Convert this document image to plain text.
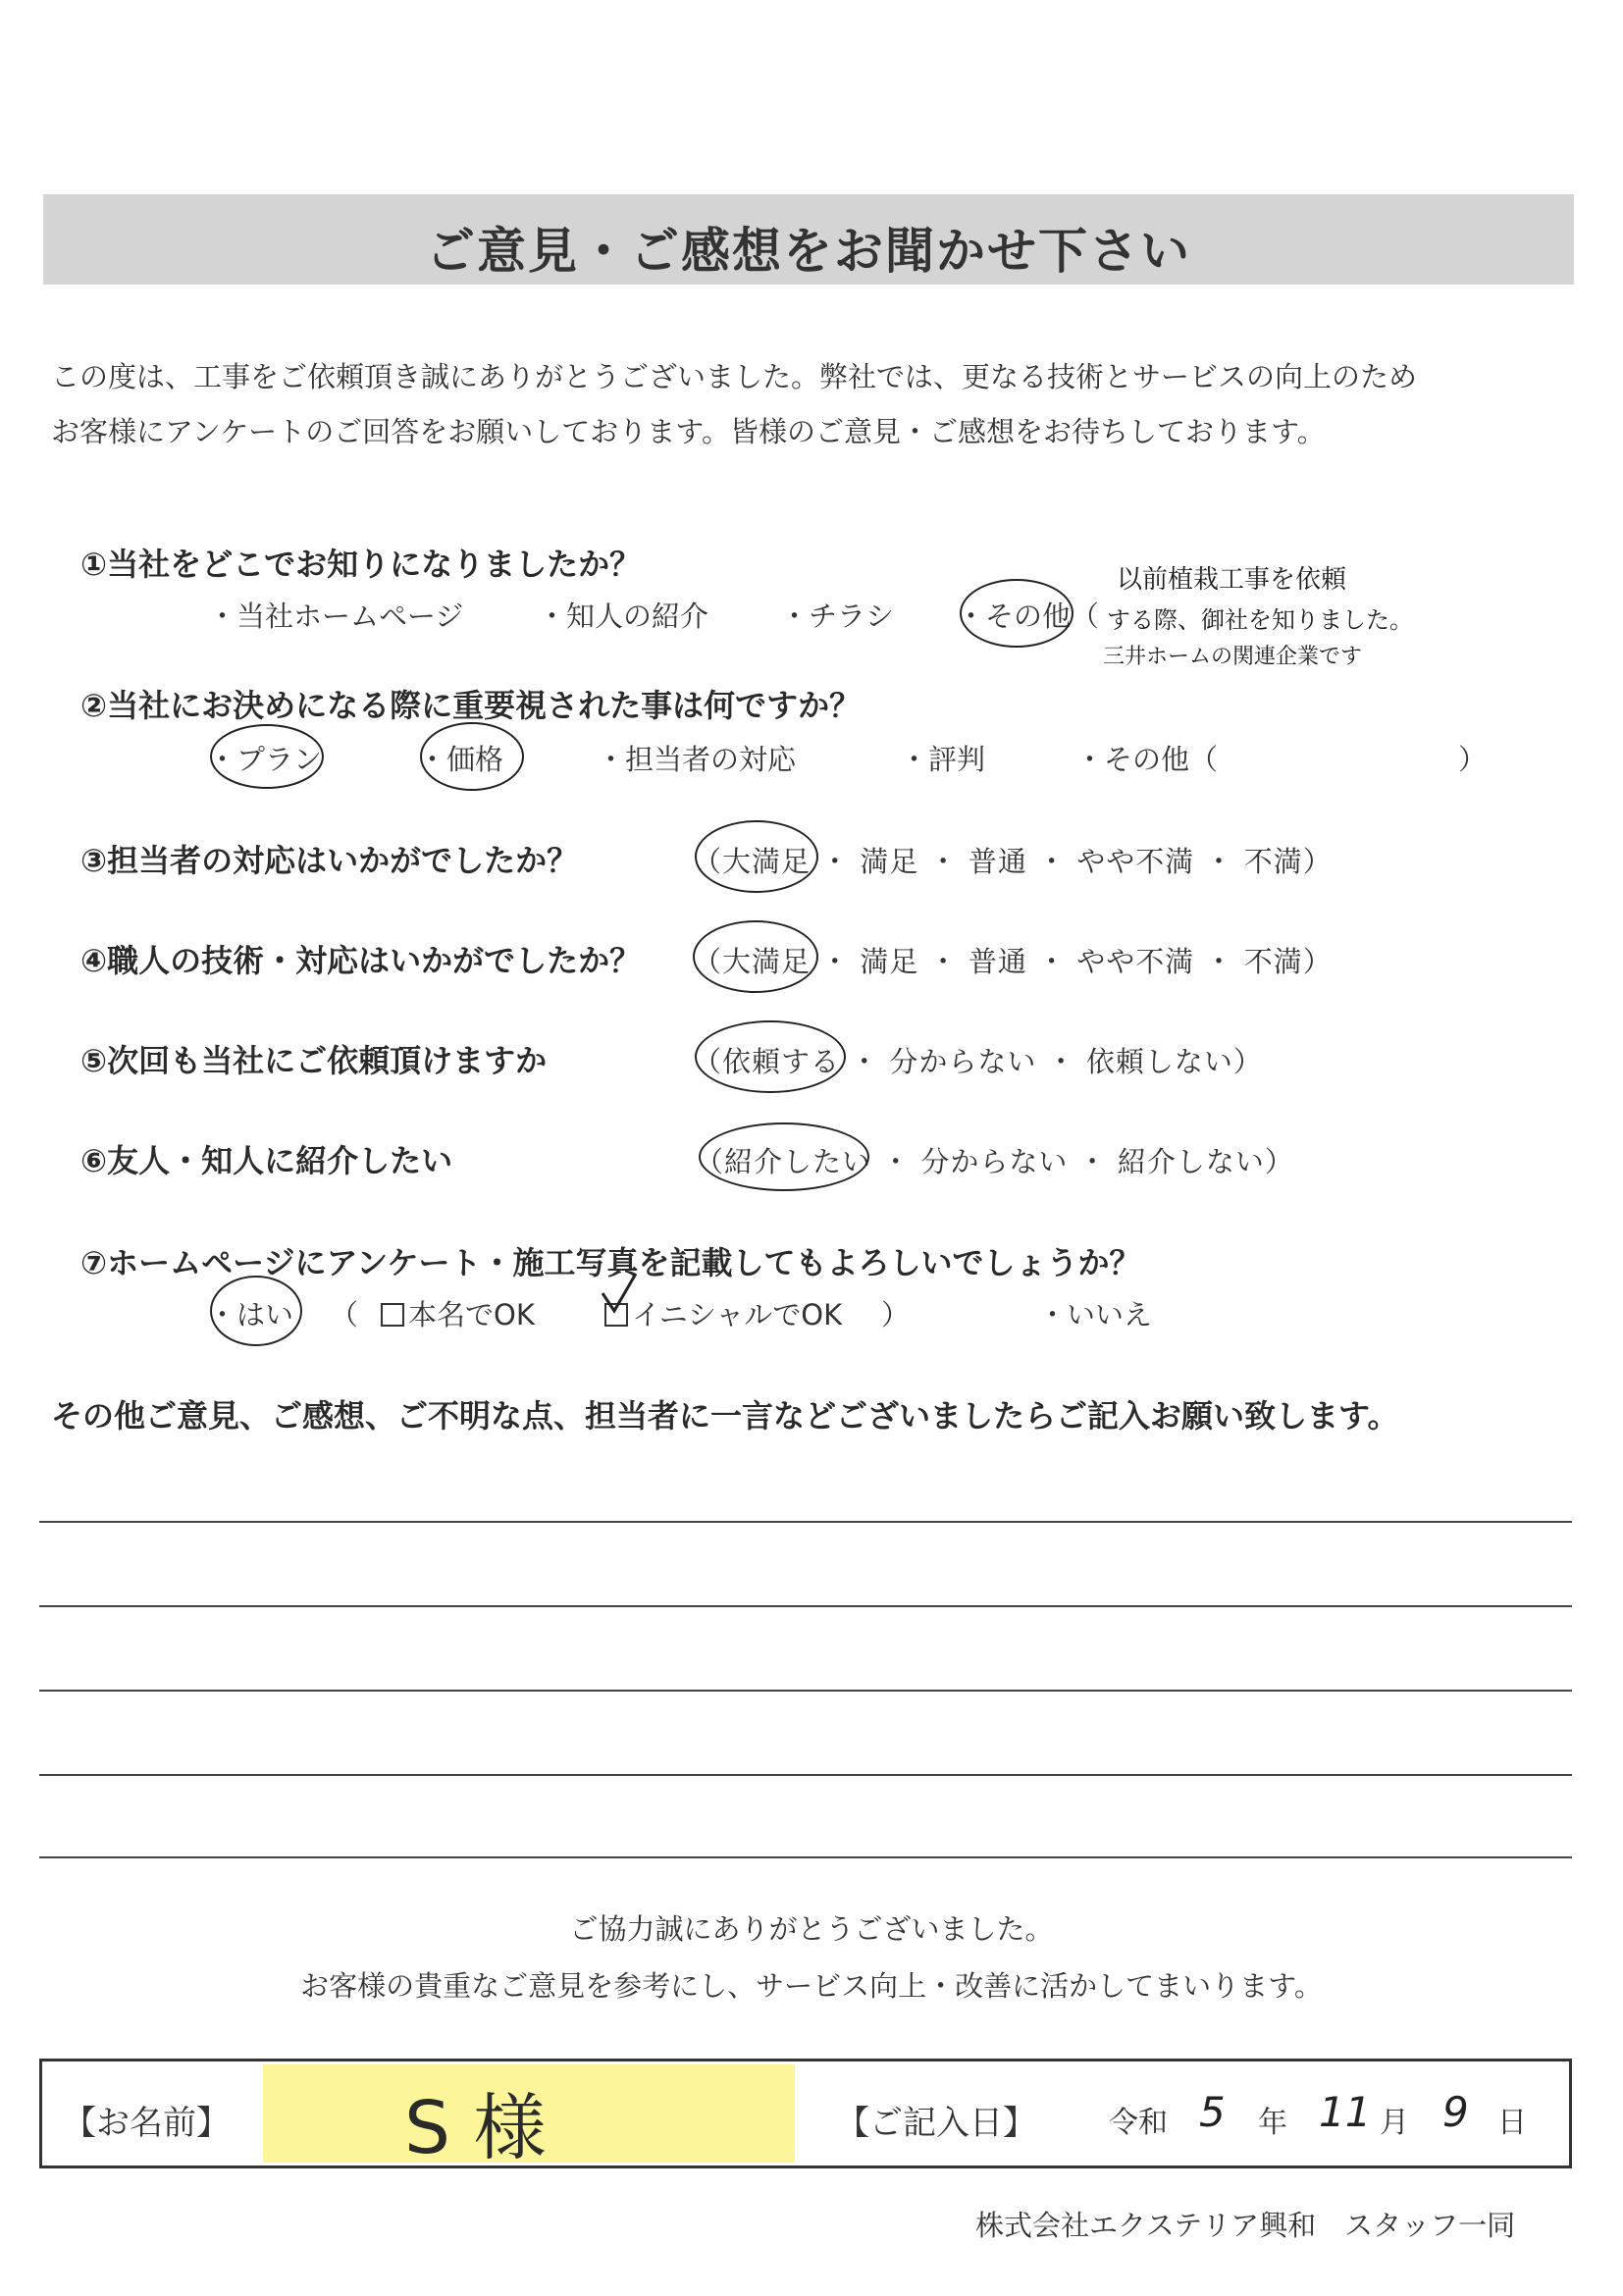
ご意見・ご感想をお聞かせ下さい
この度は、工事をご依頼頂き誠にありがとうございました。弊社では、更なる技術とサービスの向上のため
お客様にアンケートのご回答をお願いしております。皆様のご意見・ご感想をお待ちしております。
①当社をどこでお知りになりましたか？
・当社ホームページ	・知人の紹介	・チラシ ・その他（
以前植栽工事を依頼
する際、御社を知りました。
三井ホームの関連企業です
②当社にお決めになる際に重要視された事は何ですか？
・プラン	・価格	・担当者の対応	・評判	・その他（	）
③担当者の対応はいかがでしたか？	（大満足 ・ 満足 ・ 普通 ・ やや不満 ・ 不満）
④職人の技術・対応はいかがでしたか？ （大満足 ・ 満足 ・ 普通 ・ やや不満 ・ 不満）
⑤次回も当社にご依頼頂けますか	（依頼する ・ 分からない ・ 依頼しない）
⑥友人・知人に紹介したい	（紹介したい ・ 分からない ・ 紹介しない）
⑦ホームページにアンケート・施工写真を記載してもよろしいでしょうか？
・はい （	本名でOK	イニシャルでOK ）	・いいえ
その他ご意見、ご感想、ご不明な点、担当者に一言などございましたらご記入お願い致します。
ご協力誠にありがとうございました。
お客様の貴重なご意見を参考にし、サービス向上・改善に活かしてまいります。
【お名前】 S 様	【ご記入日】 令和 5 年 11 月 9 日
株式会社エクステリア興和　スタッフ一同
